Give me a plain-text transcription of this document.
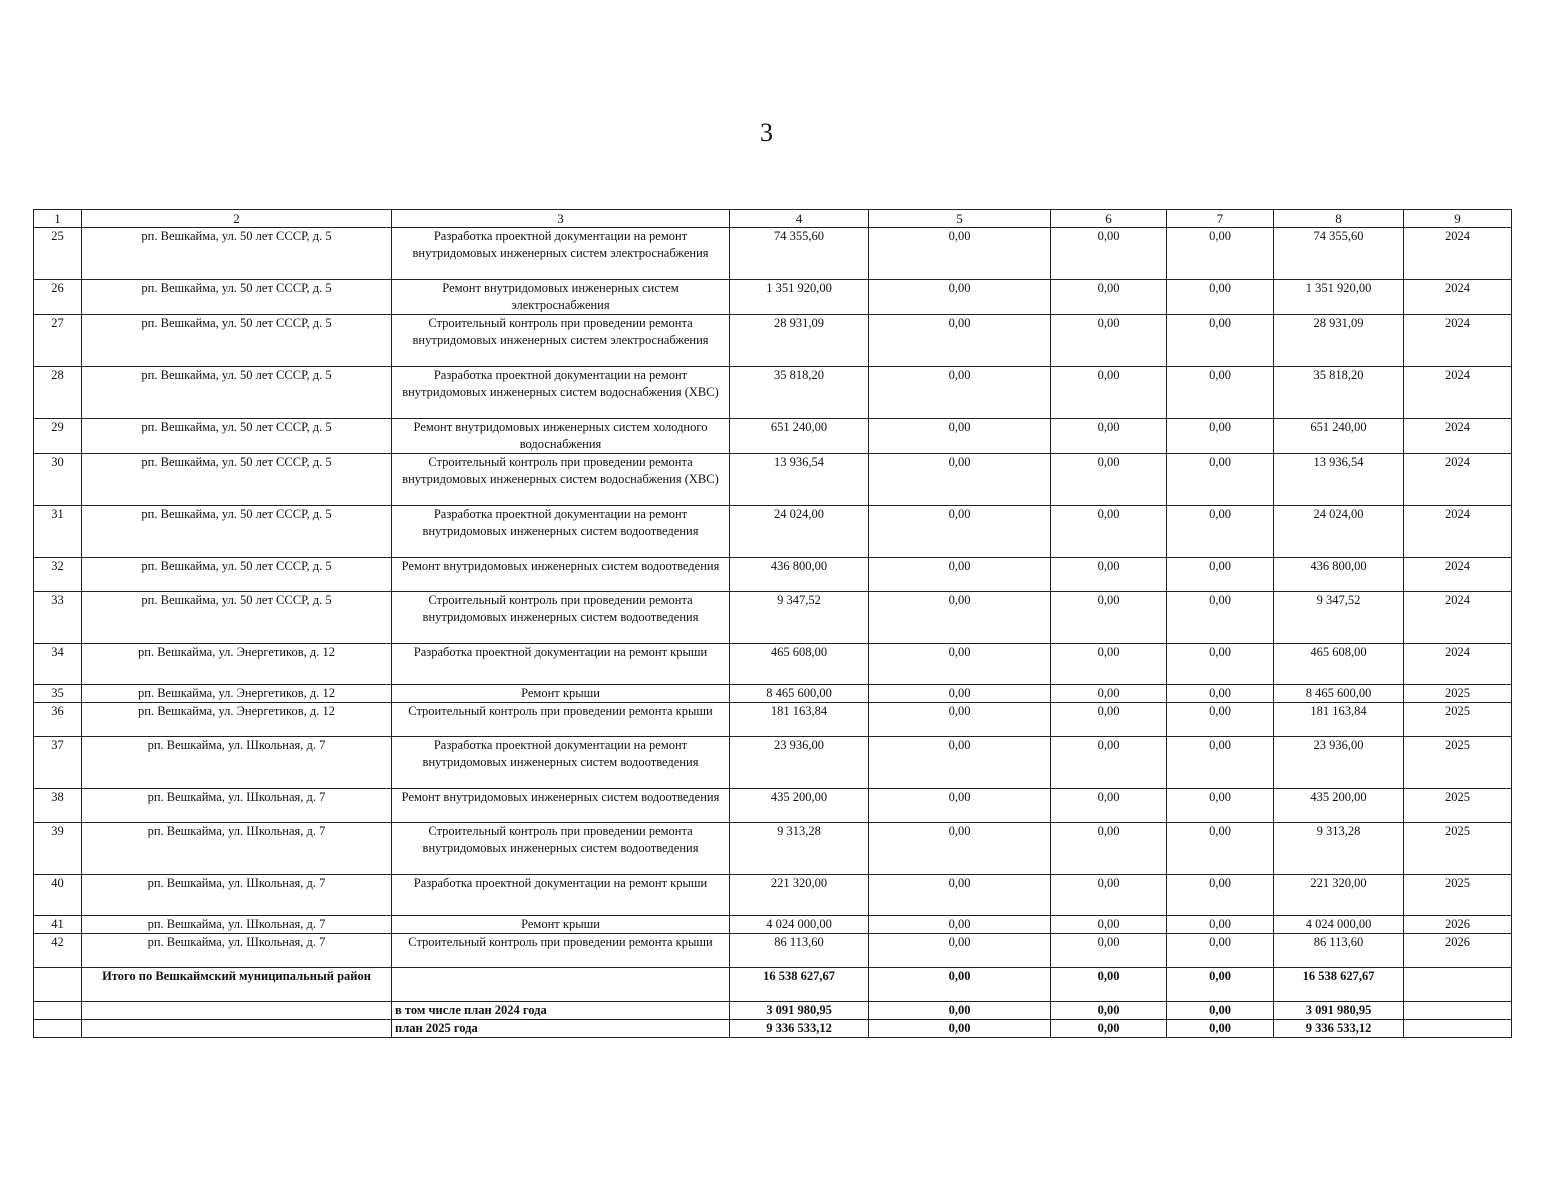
3
1	2	3	4	5	6	7	8	9
25	рп. Вешкайма, ул. 50 лет СССР, д. 5	Разработка проектной документации на ремонт внутридомовых инженерных систем электроснабжения	74 355,60	0,00	0,00	0,00	74 355,60	2024
26	рп. Вешкайма, ул. 50 лет СССР, д. 5	Ремонт внутридомовых инженерных систем электроснабжения	1 351 920,00	0,00	0,00	0,00	1 351 920,00	2024
27	рп. Вешкайма, ул. 50 лет СССР, д. 5	Строительный контроль при проведении ремонта внутридомовых инженерных систем электроснабжения	28 931,09	0,00	0,00	0,00	28 931,09	2024
28	рп. Вешкайма, ул. 50 лет СССР, д. 5	Разработка проектной документации на ремонт внутридомовых инженерных систем водоснабжения (ХВС)	35 818,20	0,00	0,00	0,00	35 818,20	2024
29	рп. Вешкайма, ул. 50 лет СССР, д. 5	Ремонт внутридомовых инженерных систем холодного водоснабжения	651 240,00	0,00	0,00	0,00	651 240,00	2024
30	рп. Вешкайма, ул. 50 лет СССР, д. 5	Строительный контроль при проведении ремонта внутридомовых инженерных систем водоснабжения (ХВС)	13 936,54	0,00	0,00	0,00	13 936,54	2024
31	рп. Вешкайма, ул. 50 лет СССР, д. 5	Разработка проектной документации на ремонт внутридомовых инженерных систем водоотведения	24 024,00	0,00	0,00	0,00	24 024,00	2024
32	рп. Вешкайма, ул. 50 лет СССР, д. 5	Ремонт внутридомовых инженерных систем водоотведения	436 800,00	0,00	0,00	0,00	436 800,00	2024
33	рп. Вешкайма, ул. 50 лет СССР, д. 5	Строительный контроль при проведении ремонта внутридомовых инженерных систем водоотведения	9 347,52	0,00	0,00	0,00	9 347,52	2024
34	рп. Вешкайма, ул. Энергетиков, д. 12	Разработка проектной документации на ремонт крыши	465 608,00	0,00	0,00	0,00	465 608,00	2024
35	рп. Вешкайма, ул. Энергетиков, д. 12	Ремонт крыши	8 465 600,00	0,00	0,00	0,00	8 465 600,00	2025
36	рп. Вешкайма, ул. Энергетиков, д. 12	Строительный контроль при проведении ремонта крыши	181 163,84	0,00	0,00	0,00	181 163,84	2025
37	рп. Вешкайма, ул. Школьная, д. 7	Разработка проектной документации на ремонт внутридомовых инженерных систем водоотведения	23 936,00	0,00	0,00	0,00	23 936,00	2025
38	рп. Вешкайма, ул. Школьная, д. 7	Ремонт внутридомовых инженерных систем водоотведения	435 200,00	0,00	0,00	0,00	435 200,00	2025
39	рп. Вешкайма, ул. Школьная, д. 7	Строительный контроль при проведении ремонта внутридомовых инженерных систем водоотведения	9 313,28	0,00	0,00	0,00	9 313,28	2025
40	рп. Вешкайма, ул. Школьная, д. 7	Разработка проектной документации на ремонт крыши	221 320,00	0,00	0,00	0,00	221 320,00	2025
41	рп. Вешкайма, ул. Школьная, д. 7	Ремонт крыши	4 024 000,00	0,00	0,00	0,00	4 024 000,00	2026
42	рп. Вешкайма, ул. Школьная, д. 7	Строительный контроль при проведении ремонта крыши	86 113,60	0,00	0,00	0,00	86 113,60	2026
	Итого по Вешкаймский муниципальный район		16 538 627,67	0,00	0,00	0,00	16 538 627,67	
		в том числе план 2024 года	3 091 980,95	0,00	0,00	0,00	3 091 980,95	
		план 2025 года	9 336 533,12	0,00	0,00	0,00	9 336 533,12	
